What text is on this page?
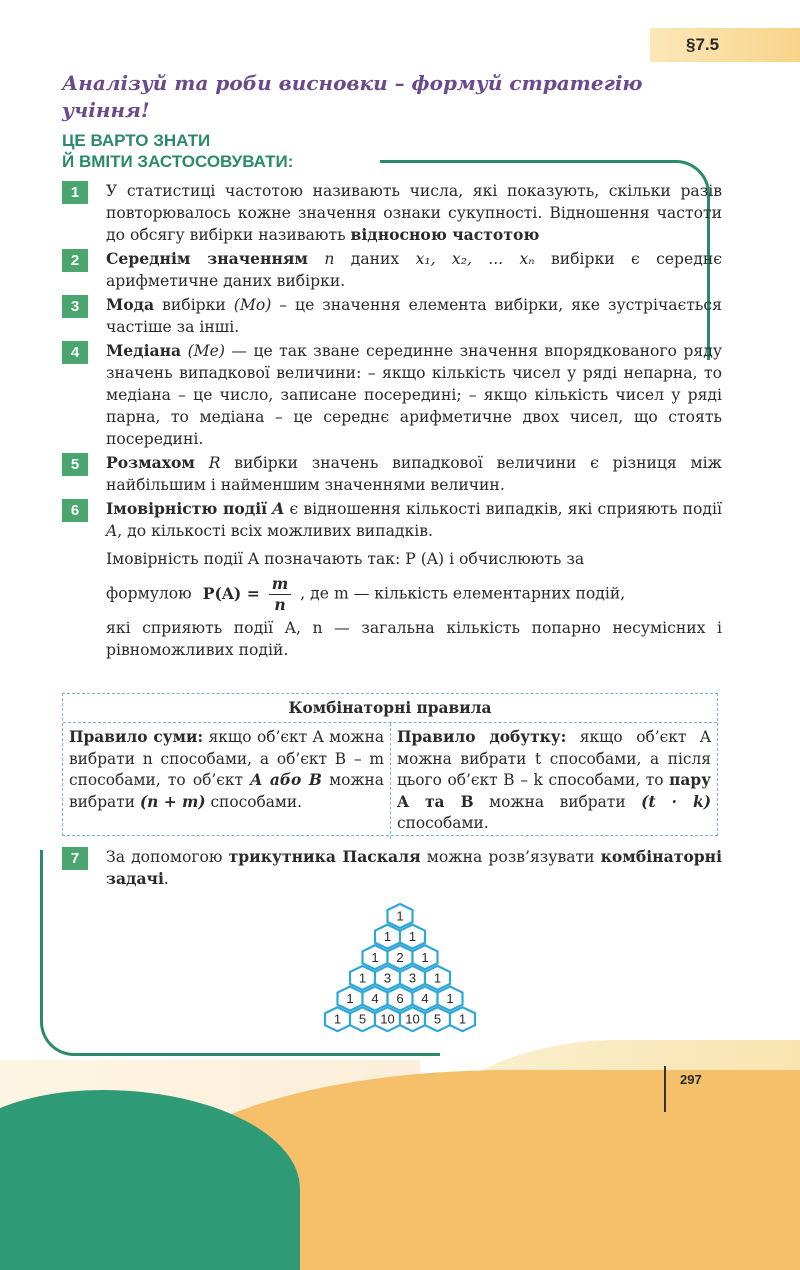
§7.5
Аналізуй та роби висновки – формуй стратегію учіння!
ЦЕ ВАРТО ЗНАТИ
Й ВМІТИ ЗАСТОСОВУВАТИ:
1	У статистиці частотою називають числа, які показують, скільки разів повторювалось кожне значення ознаки сукупності. Відношення частоти до обсягу вибірки називають відносною частотою

2	Середнім значенням n даних x₁, x₂, ... xₙ вибірки є середнє арифметичне даних вибірки.

3	Мода вибірки (Mo) – це значення елемента вибірки, яке зустрічається частіше за інші.

4	Медіана (Me) — це так зване серединне значення впорядкованого ряду значень випадкової величини: – якщо кількість чисел у ряді непарна, то медіана – це число, записане посередині; – якщо кількість чисел у ряді парна, то медіана – це середнє арифметичне двох чисел, що стоять посередині.

5	Розмахом R вибірки значень випадкової величини є різниця між найбільшим і найменшим значеннями величин.

6	Імовірністю події A є відношення кількості випадків, які сприяють події A, до кількості всіх можливих випадків.

Імовірність події A позначають так: P (A) і обчислюють за

формулою $P(A) = \frac{m}{n}$ , де m — кількість елементарних подій,

які сприяють події A, n — загальна кількість попарно несумісних і рівноможливих подій.

Комбінаторні правила
Правило суми: якщо об’єкт A можна вибрати n способами, а об’єкт B – m способами, то об’єкт A або B можна вибрати (n + m) способами.
Правило добутку: якщо об’єкт A можна вибрати t способами, а після цього об’єкт B – k способами, то пару A та B можна вибрати (t · k) способами.
7	За допомогою трикутника Паскаля можна розв’язувати комбінаторні задачі.

1
1 1
1 2 1
1 3 3 1
1 4 6 4 1
1 5 10 10 5 1
297
